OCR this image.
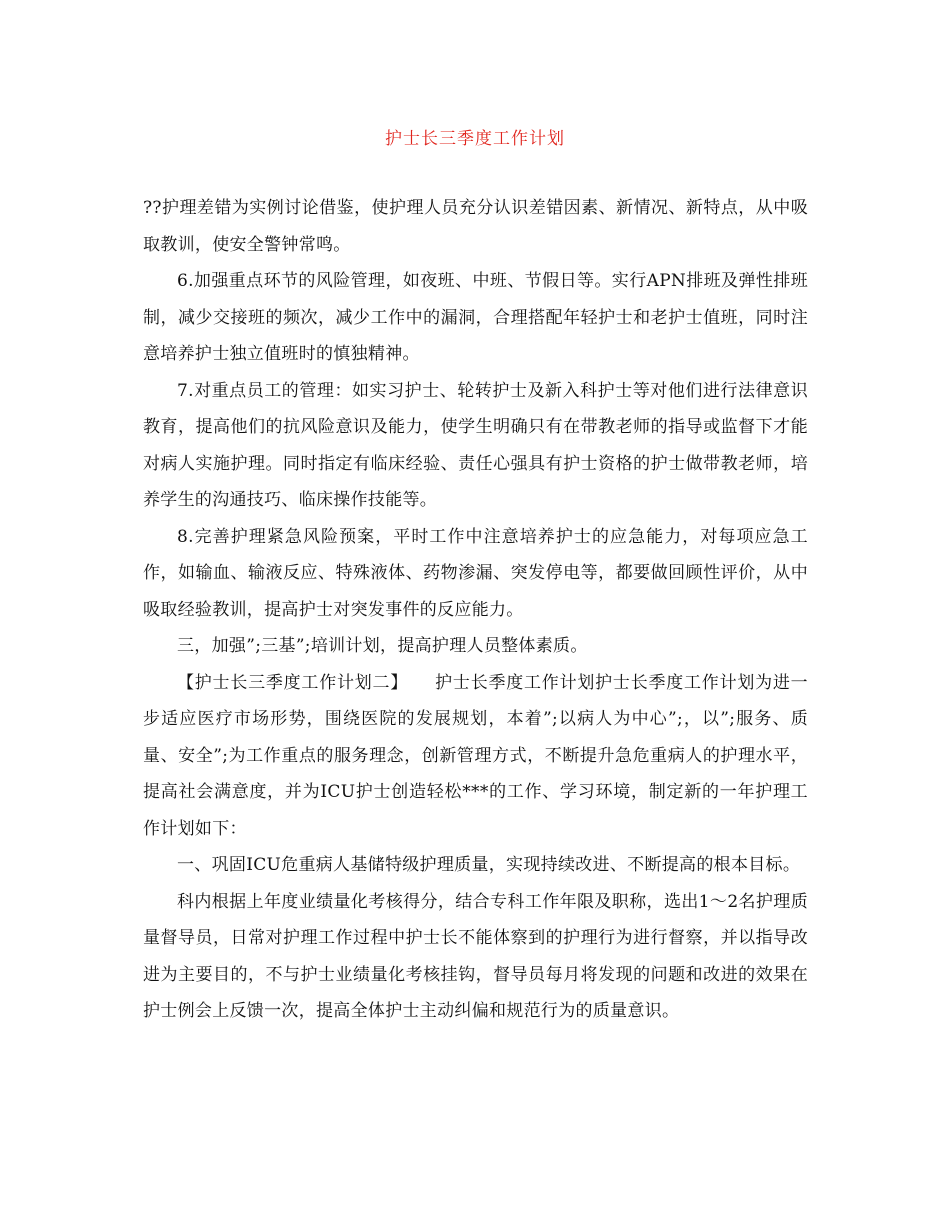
护士长三季度工作计划

??护理差错为实例讨论借鉴，使护理人员充分认识差错因素、新情况、新特点，从中吸取教训，使安全警钟常鸣。

6.加强重点环节的风险管理，如夜班、中班、节假日等。实行APN排班及弹性排班制，减少交接班的频次，减少工作中的漏洞，合理搭配年轻护士和老护士值班，同时注意培养护士独立值班时的慎独精神。

7.对重点员工的管理：如实习护士、轮转护士及新入科护士等对他们进行法律意识教育，提高他们的抗风险意识及能力，使学生明确只有在带教老师的指导或监督下才能对病人实施护理。同时指定有临床经验、责任心强具有护士资格的护士做带教老师，培养学生的沟通技巧、临床操作技能等。

8.完善护理紧急风险预案，平时工作中注意培养护士的应急能力，对每项应急工作，如输血、输液反应、特殊液体、药物渗漏、突发停电等，都要做回顾性评价，从中吸取经验教训，提高护士对突发事件的反应能力。

三，加强”;三基”;培训计划，提高护理人员整体素质。

【护士长三季度工作计划二】　　护士长季度工作计划护士长季度工作计划为进一步适应医疗市场形势，围绕医院的发展规划，本着”;以病人为中心”;，以”;服务、质量、安全”;为工作重点的服务理念，创新管理方式，不断提升急危重病人的护理水平，提高社会满意度，并为ICU护士创造轻松***的工作、学习环境，制定新的一年护理工作计划如下：

一、巩固ICU危重病人基储特级护理质量，实现持续改进、不断提高的根本目标。

科内根据上年度业绩量化考核得分，结合专科工作年限及职称，选出1～2名护理质量督导员，日常对护理工作过程中护士长不能体察到的护理行为进行督察，并以指导改进为主要目的，不与护士业绩量化考核挂钩，督导员每月将发现的问题和改进的效果在护士例会上反馈一次，提高全体护士主动纠偏和规范行为的质量意识。
